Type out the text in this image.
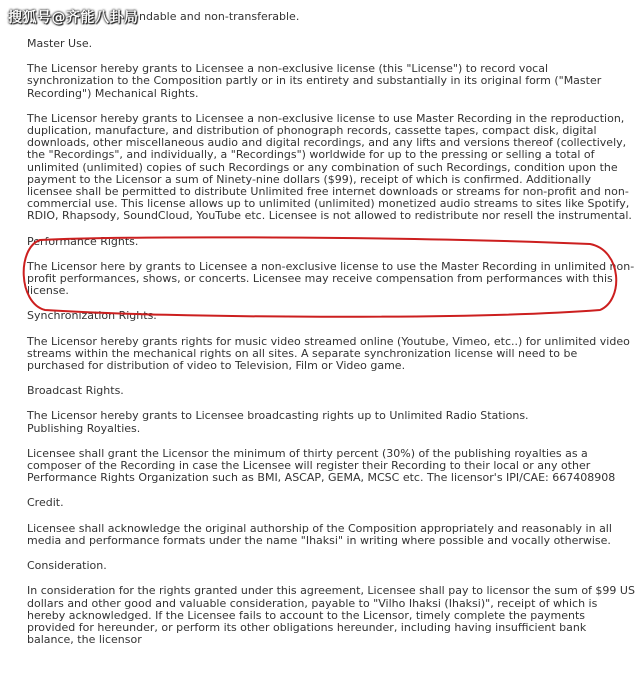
搜狐号@齐能八卦局 ndable and non-transferable.

Master Use.

The Licensor hereby grants to Licensee a non-exclusive license (this "License") to record vocal synchronization to the Composition partly or in its entirety and substantially in its original form ("Master Recording") Mechanical Rights.

The Licensor hereby grants to Licensee a non-exclusive license to use Master Recording in the reproduction, duplication, manufacture, and distribution of phonograph records, cassette tapes, compact disk, digital downloads, other miscellaneous audio and digital recordings, and any lifts and versions thereof (collectively, the "Recordings", and individually, a "Recordings") worldwide for up to the pressing or selling a total of unlimited (unlimited) copies of such Recordings or any combination of such Recordings, condition upon the payment to the Licensor a sum of Ninety-nine dollars ($99), receipt of which is confirmed. Additionally licensee shall be permitted to distribute Unlimited free internet downloads or streams for non-profit and non-commercial use. This license allows up to unlimited (unlimited) monetized audio streams to sites like Spotify, RDIO, Rhapsody, SoundCloud, YouTube etc. Licensee is not allowed to redistribute nor resell the instrumental.

Performance Rights.

The Licensor here by grants to Licensee a non-exclusive license to use the Master Recording in unlimited non-profit performances, shows, or concerts. Licensee may receive compensation from performances with this license.

Synchronization Rights.

The Licensor hereby grants rights for music video streamed online (Youtube, Vimeo, etc..) for unlimited video streams within the mechanical rights on all sites. A separate synchronization license will need to be purchased for distribution of video to Television, Film or Video game.

Broadcast Rights.

The Licensor hereby grants to Licensee broadcasting rights up to Unlimited Radio Stations.

Publishing Royalties.

Licensee shall grant the Licensor the minimum of thirty percent (30%) of the publishing royalties as a composer of the Recording in case the Licensee will register their Recording to their local or any other Performance Rights Organization such as BMI, ASCAP, GEMA, MCSC etc. The licensor's IPI/CAE: 667408908

Credit.

Licensee shall acknowledge the original authorship of the Composition appropriately and reasonably in all media and performance formats under the name "Ihaksi" in writing where possible and vocally otherwise.

Consideration.

In consideration for the rights granted under this agreement, Licensee shall pay to licensor the sum of $99 US dollars and other good and valuable consideration, payable to "Vilho Ihaksi (Ihaksi)", receipt of which is hereby acknowledged. If the Licensee fails to account to the Licensor, timely complete the payments provided for hereunder, or perform its other obligations hereunder, including having insufficient bank balance, the licensor
